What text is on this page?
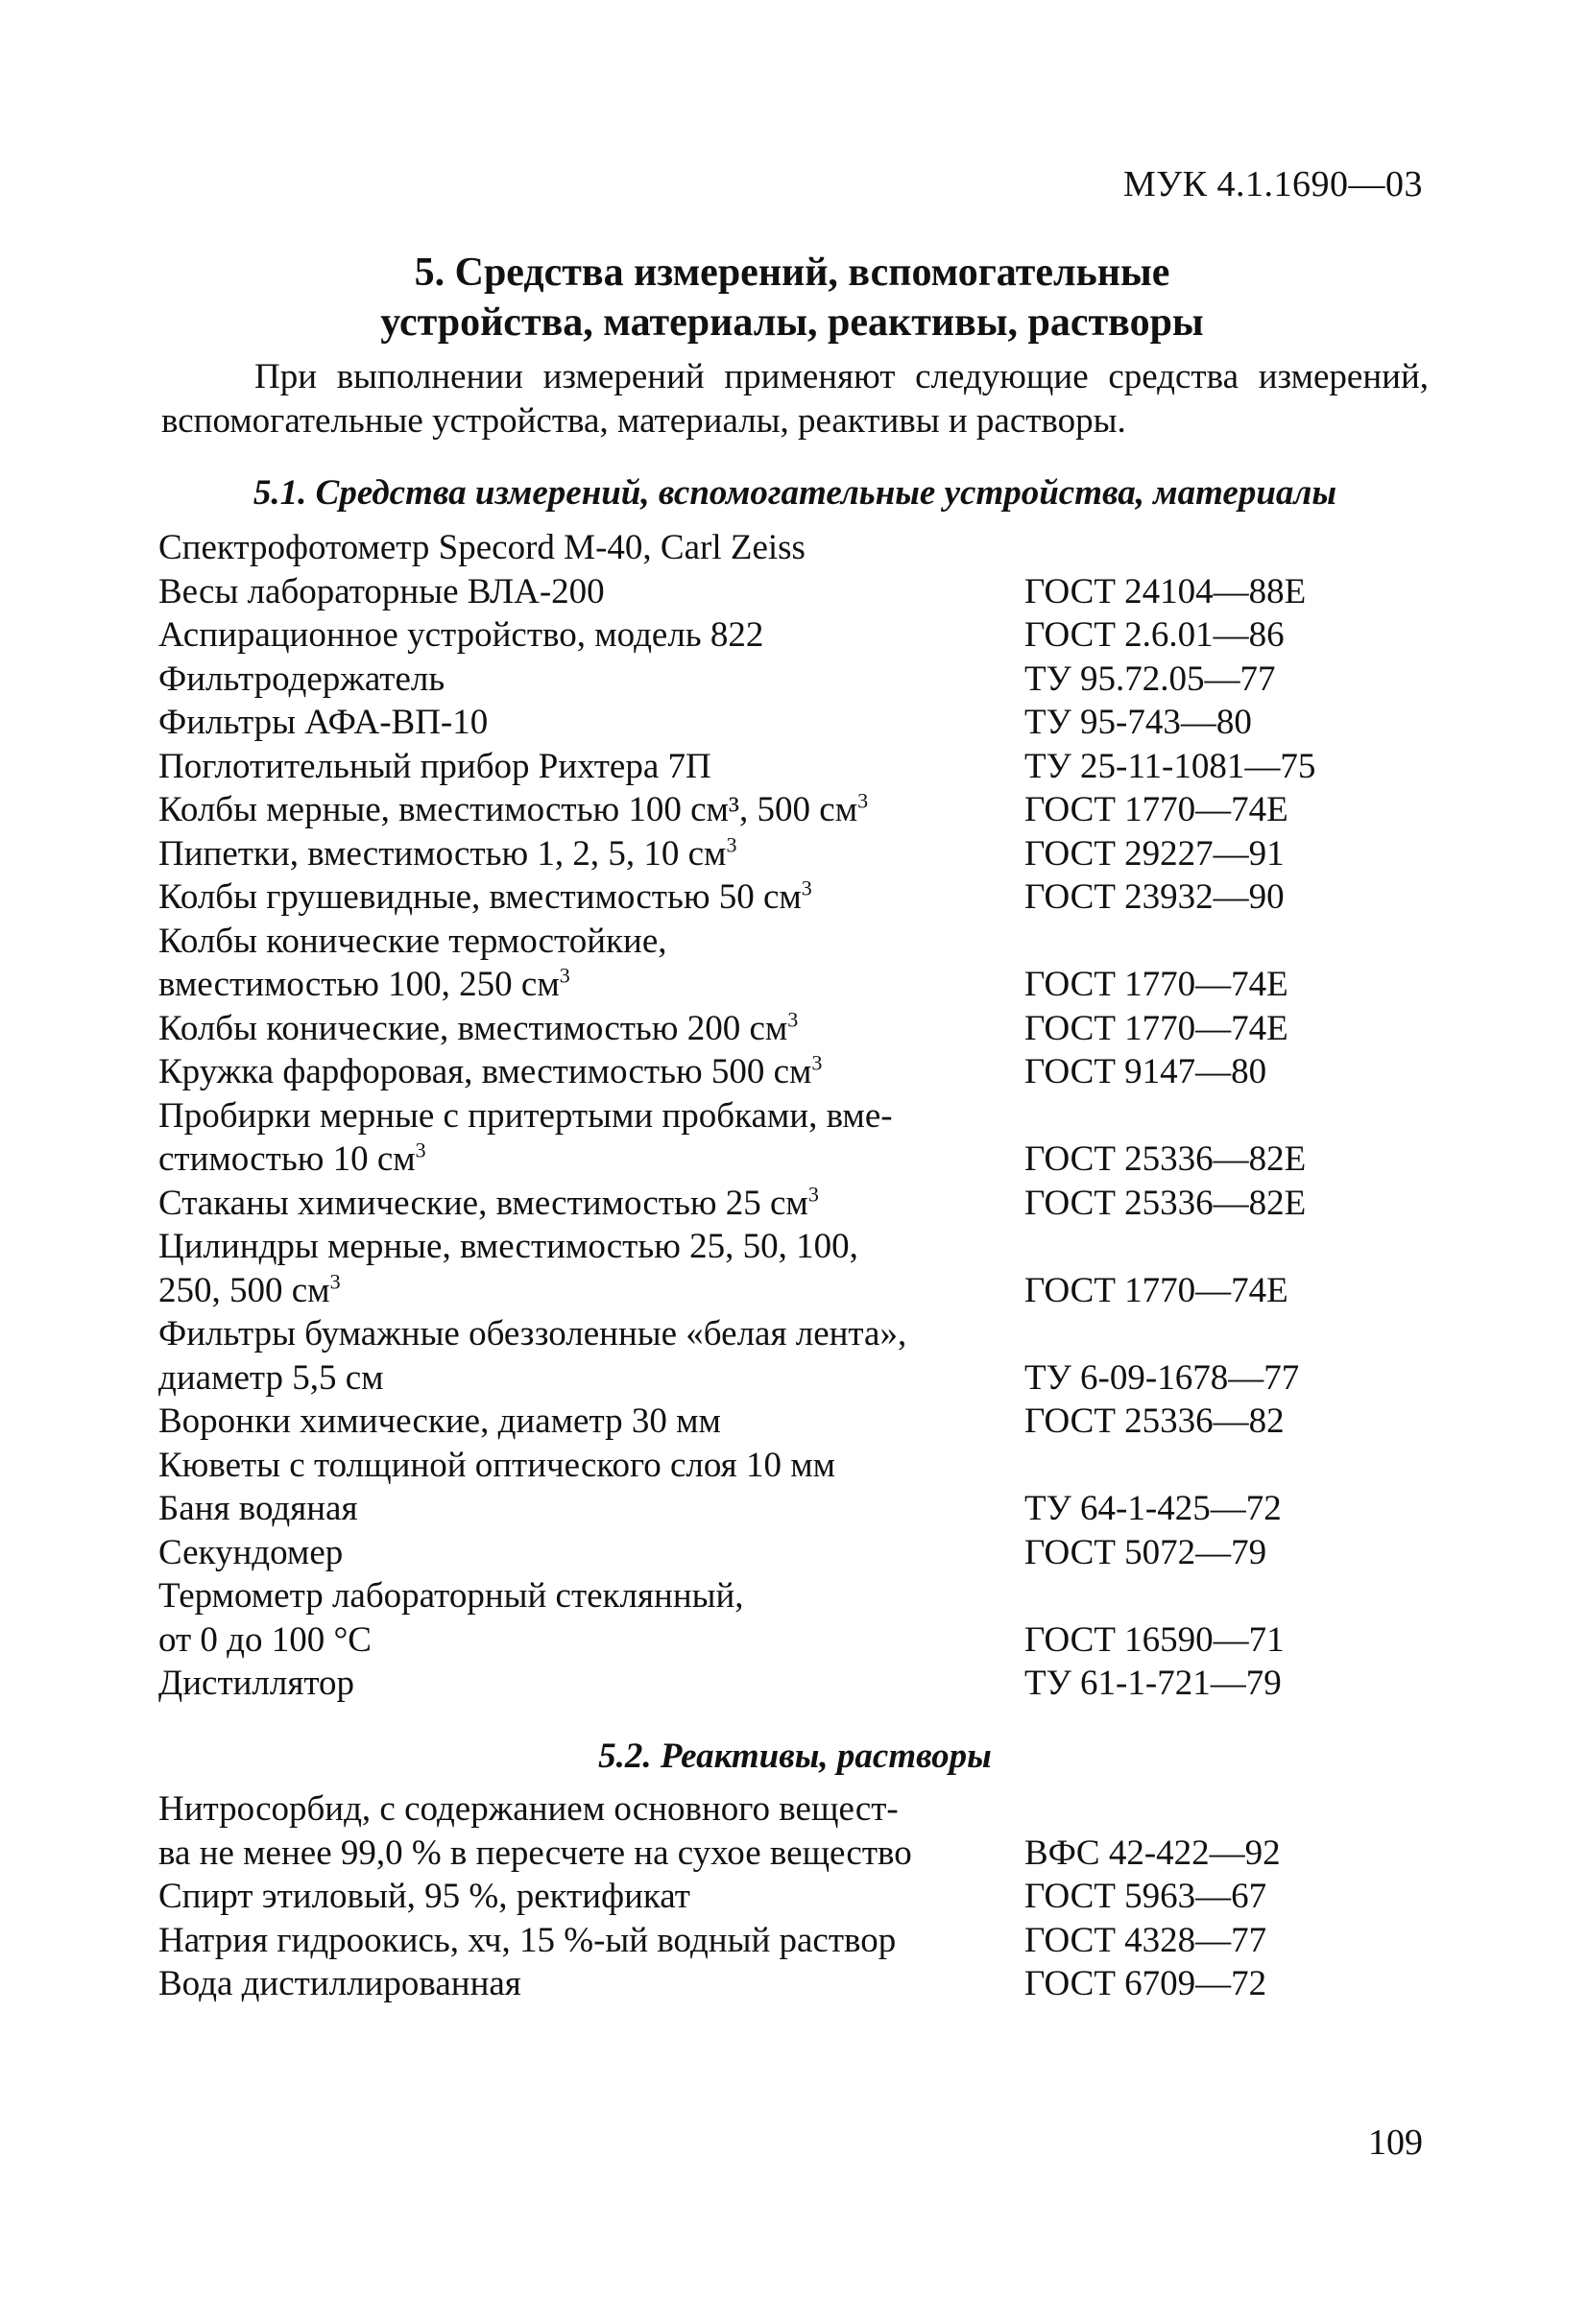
МУК 4.1.1690—03
5. Средства измерений, вспомогательные
устройства, материалы, реактивы, растворы
При выполнении измерений применяют следующие средства измерений, вспомогательные устройства, материалы, реактивы и растворы.
5.1. Средства измерений, вспомогательные устройства, материалы
Спектрофотометр Specord M-40, Carl Zeiss
Весы лабораторные ВЛА-200	ГОСТ 24104—88Е
Аспирационное устройство, модель 822	ГОСТ 2.6.01—86
Фильтродержатель	ТУ 95.72.05—77
Фильтры АФА-ВП-10	ТУ 95-743—80
Поглотительный прибор Рихтера 7П	ТУ 25-11-1081—75
Колбы мерные, вместимостью 100 см³, 500 $см^3$	ГОСТ 1770—74Е
Пипетки, вместимостью 1, 2, 5, 10 $см^3$	ГОСТ 29227—91
Колбы грушевидные, вместимостью 50 $см^3$	ГОСТ 23932—90
Колбы конические термостойкие,
вместимостью 100, 250 $см^3$	ГОСТ 1770—74Е
Колбы конические, вместимостью 200 $см^3$	ГОСТ 1770—74Е
Кружка фарфоровая, вместимостью 500 $см^3$	ГОСТ 9147—80
Пробирки мерные с притертыми пробками, вме-
стимостью 10 $см^3$	ГОСТ 25336—82Е
Стаканы химические, вместимостью 25 $см^3$	ГОСТ 25336—82Е
Цилиндры мерные, вместимостью 25, 50, 100,
250, 500 $см^3$	ГОСТ 1770—74Е
Фильтры бумажные обеззоленные «белая лента»,
диаметр 5,5 см	ТУ 6-09-1678—77
Воронки химические, диаметр 30 мм	ГОСТ 25336—82
Кюветы с толщиной оптического слоя 10 мм
Баня водяная	ТУ 64-1-425—72
Секундомер	ГОСТ 5072—79
Термометр лабораторный стеклянный,
от 0 до 100 °С	ГОСТ 16590—71
Дистиллятор	ТУ 61-1-721—79
5.2. Реактивы, растворы
Нитросорбид, с содержанием основного вещест-
ва не менее 99,0 % в пересчете на сухое вещество	ВФС 42-422—92
Спирт этиловый, 95 %, ректификат	ГОСТ 5963—67
Натрия гидроокись, хч, 15 %-ый водный раствор	ГОСТ 4328—77
Вода дистиллированная	ГОСТ 6709—72
109
